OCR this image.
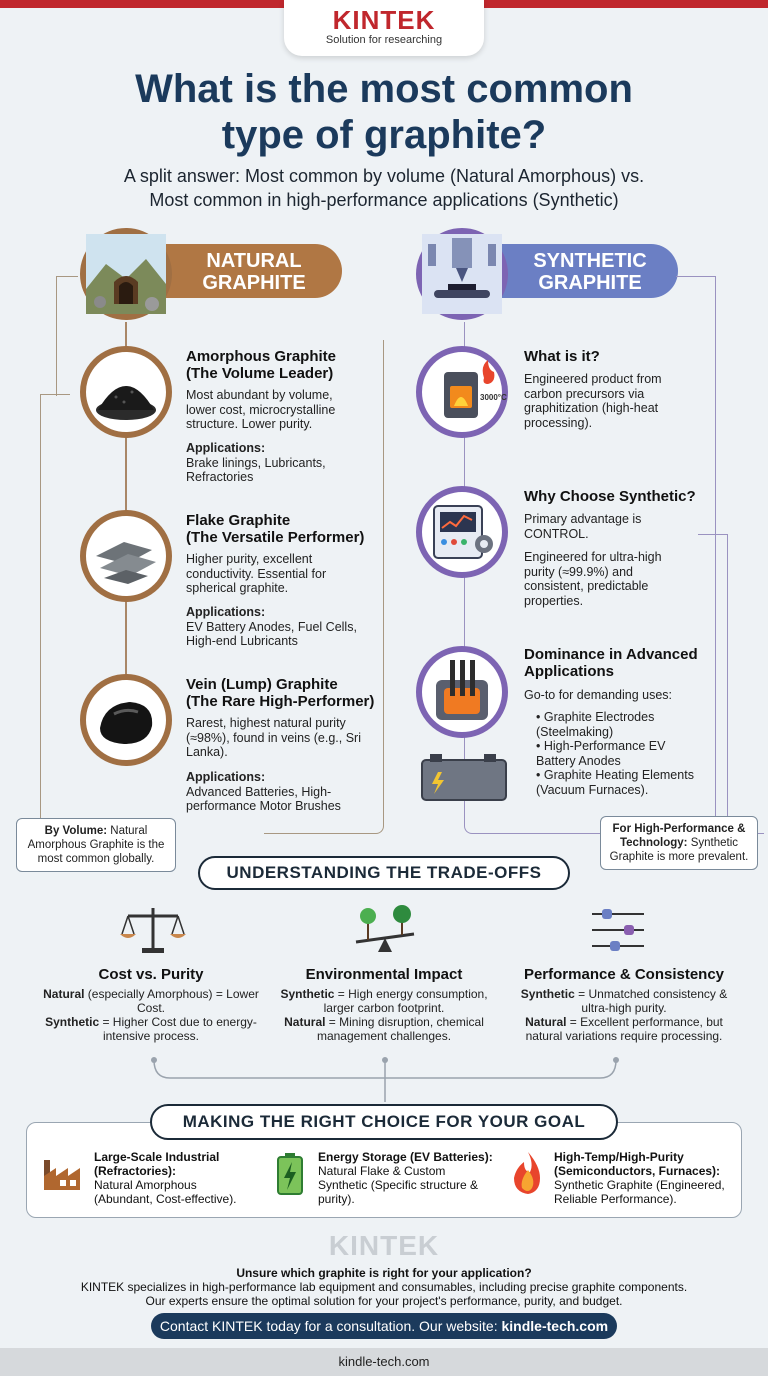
KINTEK
Solution for researching
What is the most common
type of graphite?
A split answer: Most common by volume (Natural Amorphous) vs.
Most common in high-performance applications (Synthetic)
NATURAL
GRAPHITE
Amorphous Graphite
(The Volume Leader)
Most abundant by volume, lower cost, microcrystalline structure. Lower purity.
Applications:
Brake linings, Lubricants, Refractories
Flake Graphite
(The Versatile Performer)
Higher purity, excellent conductivity. Essential for spherical graphite.
Applications:
EV Battery Anodes, Fuel Cells, High-end Lubricants
Vein (Lump) Graphite
(The Rare High-Performer)
Rarest, highest natural purity (≈98%), found in veins (e.g., Sri Lanka).
Applications:
Advanced Batteries, High-performance Motor Brushes
By Volume: Natural Amorphous Graphite is the most common globally.
SYNTHETIC
GRAPHITE
3000°C
What is it?
Engineered product from carbon precursors via graphitization (high-heat processing).
Why Choose Synthetic?
Primary advantage is CONTROL.
Engineered for ultra-high purity (≈99.9%) and consistent, predictable properties.
Dominance in Advanced
Applications
Go-to for demanding uses:
• Graphite Electrodes (Steelmaking)
• High-Performance EV Battery Anodes
• Graphite Heating Elements (Vacuum Furnaces).
For High-Performance & Technology: Synthetic Graphite is more prevalent.
UNDERSTANDING THE TRADE-OFFS
Cost vs. Purity
Natural (especially Amorphous) = Lower Cost.
Synthetic = Higher Cost due to energy-intensive process.
Environmental Impact
Synthetic = High energy consumption, larger carbon footprint.
Natural = Mining disruption, chemical management challenges.
Performance & Consistency
Synthetic = Unmatched consistency & ultra-high purity.
Natural = Excellent performance, but natural variations require processing.
MAKING THE RIGHT CHOICE FOR YOUR GOAL
Large-Scale Industrial (Refractories):
Natural Amorphous (Abundant, Cost-effective).
Energy Storage (EV Batteries):
Natural Flake & Custom Synthetic (Specific structure & purity).
High-Temp/High-Purity (Semiconductors, Furnaces):
Synthetic Graphite (Engineered, Reliable Performance).
KINTEK
Unsure which graphite is right for your application?
KINTEK specializes in high-performance lab equipment and consumables, including precise graphite components.
Our experts ensure the optimal solution for your project's performance, purity, and budget.
Contact KINTEK today for a consultation. Our website: kindle-tech.com
kindle-tech.com
